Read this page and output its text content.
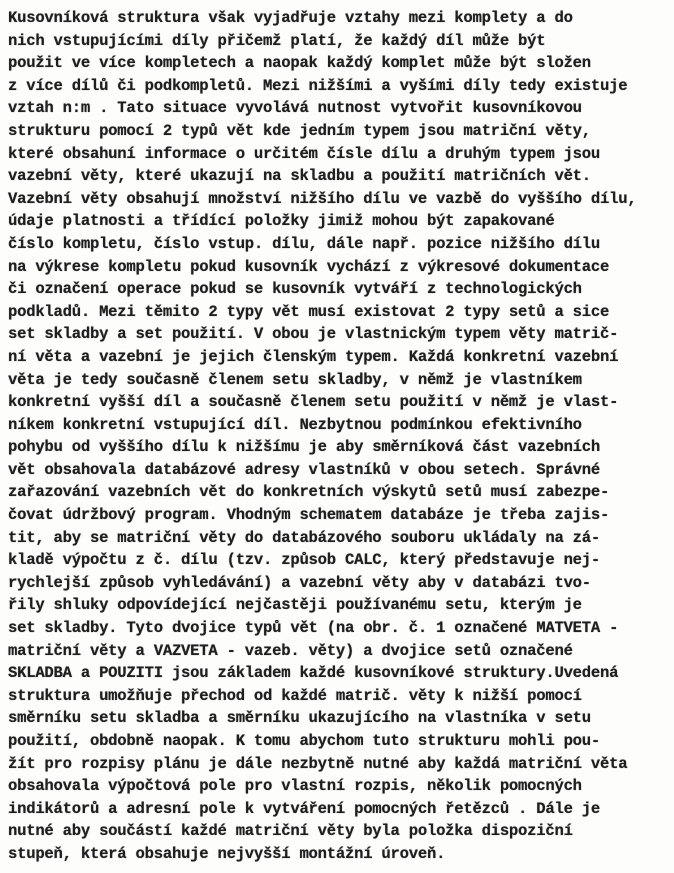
Kusovníková struktura však vyjadřuje vztahy mezi komplety a do
nich vstupujícími díly přičemž platí, že každý díl může být
použit ve více kompletech a naopak každý komplet může být složen
z více dílů či podkompletů. Mezi nižšími a vyšími díly tedy existuje
vztah n:m . Tato situace vyvolává nutnost vytvořit kusovníkovou
strukturu pomocí 2 typů vět kde jedním typem jsou matriční věty,
které obsahuní informace o určitém čísle dílu a druhým typem jsou
vazební věty, které ukazují na skladbu a použití matričních vět.
Vazební věty obsahují množství nižšího dílu ve vazbě do vyššího dílu,
údaje platnosti a třídící položky jimiž mohou být zapakované
číslo kompletu, číslo vstup. dílu, dále např. pozice nižšího dílu
na výkrese kompletu pokud kusovník vychází z výkresové dokumentace
či označení operace pokud se kusovník vytváří z technologických
podkladů. Mezi těmito 2 typy vět musí existovat 2 typy setů a sice
set skladby a set použití. V obou je vlastnickým typem věty matrič-
ní věta a vazební je jejich členským typem. Každá konkretní vazební
věta je tedy současně členem setu skladby, v němž je vlastníkem
konkretní vyšší díl a současně členem setu použití v němž je vlast-
níkem konkretní vstupující díl. Nezbytnou podmínkou efektivního
pohybu od vyššího dílu k nižšímu je aby směrníková část vazebních
vět obsahovala databázové adresy vlastníků v obou setech. Správné
zařazování vazebních vět do konkretních výskytů setů musí zabezpe-
čovat údržbový program. Vhodným schematem databáze je třeba zajis-
tit, aby se matriční věty do databázového souboru ukládaly na zá-
kladě výpočtu z č. dílu (tzv. způsob CALC, který představuje nej-
rychlejší způsob vyhledávání) a vazební věty aby v databázi tvo-
řily shluky odpovídející nejčastěji používanému setu, kterým je
set skladby. Tyto dvojice typů vět (na obr. č. 1 označené MATVETA -
matriční věty a VAZVETA - vazeb. věty) a dvojice setů označené
SKLADBA a POUZITI jsou základem každé kusovníkové struktury.Uvedená
struktura umožňuje přechod od každé matrič. věty k nižší pomocí
směrníku setu skladba a směrníku ukazujícího na vlastníka v setu
použití, obdobně naopak. K tomu abychom tuto strukturu mohli pou-
žít pro rozpisy plánu je dále nezbytně nutné aby každá matriční věta
obsahovala výpočtová pole pro vlastní rozpis, několik pomocných
indikátorů a adresní pole k vytváření pomocných řetězců . Dále je
nutné aby součástí každé matriční věty byla položka dispoziční
stupeň, která obsahuje nejvyšší montážní úroveň.
